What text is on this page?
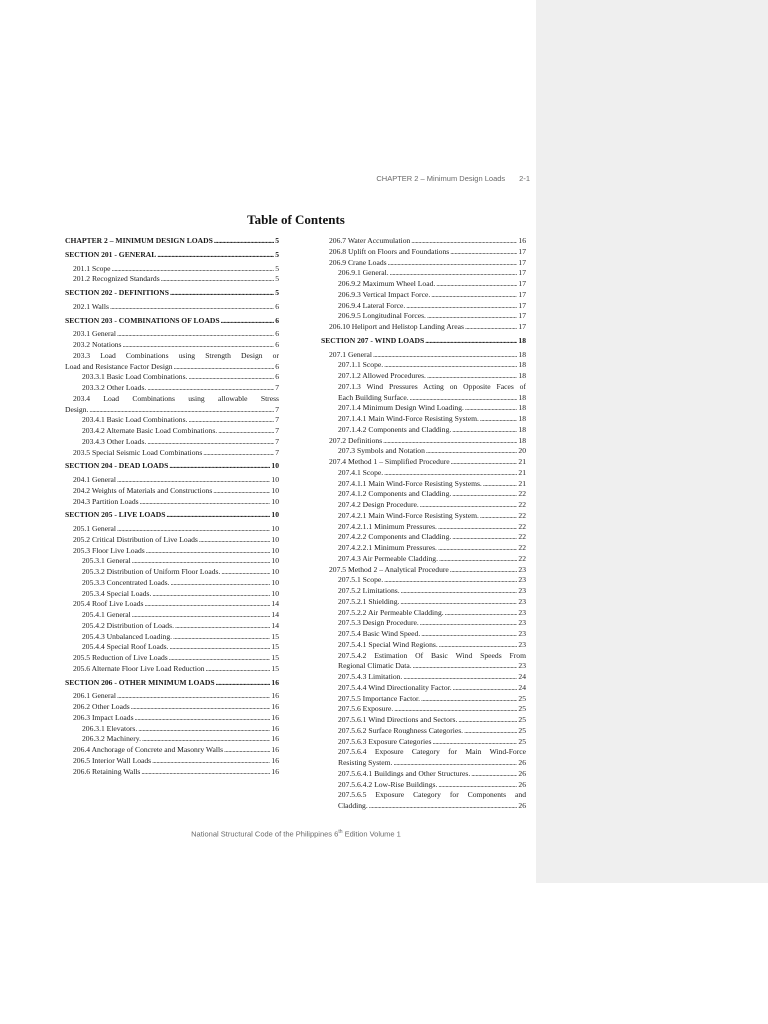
CHAPTER 2 – Minimum Design Loads 2-1
Table of Contents
CHAPTER 2 – MINIMUM DESIGN LOADS . . .	5
SECTION 201 - GENERAL . . .	5
201.1 Scope . . .	5
201.2 Recognized Standards . . .	5
SECTION 202 - DEFINITIONS . . .	5
202.1 Walls . . .	6
SECTION 203 - COMBINATIONS OF LOADS . . .	6
203.1 General . . .	6
203.2 Notations . . .	6
203.3 Load Combinations using Strength Design or
Load and Resistance Factor Design . . .	6
203.3.1 Basic Load Combinations. . . .	6
203.3.2 Other Loads. . . .	7
203.4 Load Combinations using allowable Stress
Design. . . .	7
203.4.1 Basic Load Combinations. . . .	7
203.4.2 Alternate Basic Load Combinations. . . .	7
203.4.3 Other Loads. . . .	7
203.5 Special Seismic Load Combinations . . .	7
SECTION 204 - DEAD LOADS . . .	10
204.1 General . . .	10
204.2 Weights of Materials and Constructions . . .	10
204.3 Partition Loads . . .	10
SECTION 205 - LIVE LOADS . . .	10
205.1 General . . .	10
205.2 Critical Distribution of Live Loads . . .	10
205.3 Floor Live Loads . . .	10
205.3.1 General . . .	10
205.3.2 Distribution of Uniform Floor Loads. . . .	10
205.3.3 Concentrated Loads. . . .	10
205.3.4 Special Loads. . . .	10
205.4 Roof Live Loads . . .	14
205.4.1 General . . .	14
205.4.2 Distribution of Loads. . . .	14
205.4.3 Unbalanced Loading. . . .	15
205.4.4 Special Roof Loads. . . .	15
205.5 Reduction of Live Loads . . .	15
205.6 Alternate Floor Live Load Reduction . . .	15
SECTION 206 - OTHER MINIMUM LOADS . . .	16
206.1 General . . .	16
206.2 Other Loads . . .	16
206.3 Impact Loads . . .	16
206.3.1 Elevators. . . .	16
206.3.2 Machinery. . . .	16
206.4 Anchorage of Concrete and Masonry Walls . . .	16
206.5 Interior Wall Loads . . .	16
206.6 Retaining Walls . . .	16
206.7 Water Accumulation . . .	16
206.8 Uplift on Floors and Foundations . . .	17
206.9 Crane Loads . . .	17
206.9.1 General. . . .	17
206.9.2 Maximum Wheel Load. . . .	17
206.9.3 Vertical Impact Force. . . .	17
206.9.4 Lateral Force. . . .	17
206.9.5 Longitudinal Forces. . . .	17
206.10 Heliport and Helistop Landing Areas . . .	17
SECTION 207 - WIND LOADS . . .	18
207.1 General . . .	18
207.1.1 Scope. . . .	18
207.1.2 Allowed Procedures. . . .	18
207.1.3 Wind Pressures Acting on Opposite Faces of
Each Building Surface. . . .	18
207.1.4 Minimum Design Wind Loading. . . .	18
207.1.4.1 Main Wind-Force Resisting System. . . .	18
207.1.4.2 Components and Cladding. . . .	18
207.2 Definitions . . .	18
207.3 Symbols and Notation . . .	20
207.4 Method 1 – Simplified Procedure . . .	21
207.4.1 Scope. . . .	21
207.4.1.1 Main Wind-Force Resisting Systems. . . .	21
207.4.1.2 Components and Cladding. . . .	22
207.4.2 Design Procedure. . . .	22
207.4.2.1 Main Wind-Force Resisting System. . . .	22
207.4.2.1.1 Minimum Pressures. . . .	22
207.4.2.2 Components and Cladding. . . .	22
207.4.2.2.1 Minimum Pressures. . . .	22
207.4.3 Air Permeable Cladding. . . .	22
207.5 Method 2 – Analytical Procedure . . .	23
207.5.1 Scope. . . .	23
207.5.2 Limitations. . . .	23
207.5.2.1 Shielding. . . .	23
207.5.2.2 Air Permeable Cladding. . . .	23
207.5.3 Design Procedure. . . .	23
207.5.4 Basic Wind Speed. . . .	23
207.5.4.1 Special Wind Regions. . . .	23
207.5.4.2 Estimation Of Basic Wind Speeds From
Regional Climatic Data. . . .	23
207.5.4.3 Limitation. . . .	24
207.5.4.4 Wind Directionality Factor. . . .	24
207.5.5 Importance Factor. . . .	25
207.5.6 Exposure. . . .	25
207.5.6.1 Wind Directions and Sectors. . . .	25
207.5.6.2 Surface Roughness Categories. . . .	25
207.5.6.3 Exposure Categories . . .	25
207.5.6.4 Exposure Category for Main Wind-Force
Resisting System. . . .	26
207.5.6.4.1 Buildings and Other Structures. . . .	26
207.5.6.4.2 Low-Rise Buildings. . . .	26
207.5.6.5 Exposure Category for Components and
Cladding. . . .	26
National Structural Code of the Philippines 6th Edition Volume 1
